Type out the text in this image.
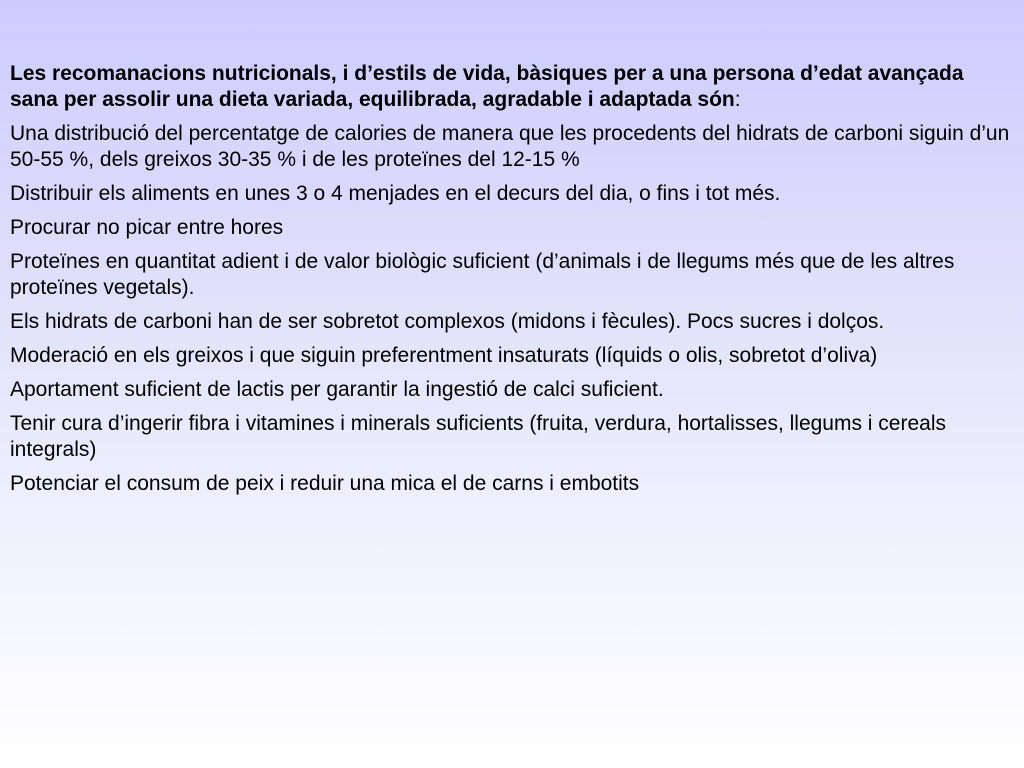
Les recomanacions nutricionals, i d’estils de vida, bàsiques per a una persona d’edat avançada sana per assolir una dieta variada, equilibrada, agradable i adaptada són:

Una distribució del percentatge de calories de manera que les procedents del hidrats de carboni siguin d’un 50-55 %, dels greixos 30-35 % i de les proteïnes del 12-15 %

Distribuir els aliments en unes 3 o 4 menjades en el decurs del dia, o fins i tot més.

Procurar no picar entre hores

Proteïnes en quantitat adient i de valor biològic suficient (d’animals i de llegums més que de les altres proteïnes vegetals).

Els hidrats de carboni han de ser sobretot complexos (midons i fècules). Pocs sucres i dolços.

Moderació en els greixos i que siguin preferentment insaturats (líquids o olis, sobretot d’oliva)

Aportament suficient de lactis per garantir la ingestió de calci suficient.

Tenir cura d’ingerir fibra i vitamines i minerals suficients (fruita, verdura, hortalisses, llegums i cereals integrals)

Potenciar el consum de peix i reduir una mica el de carns i embotits
